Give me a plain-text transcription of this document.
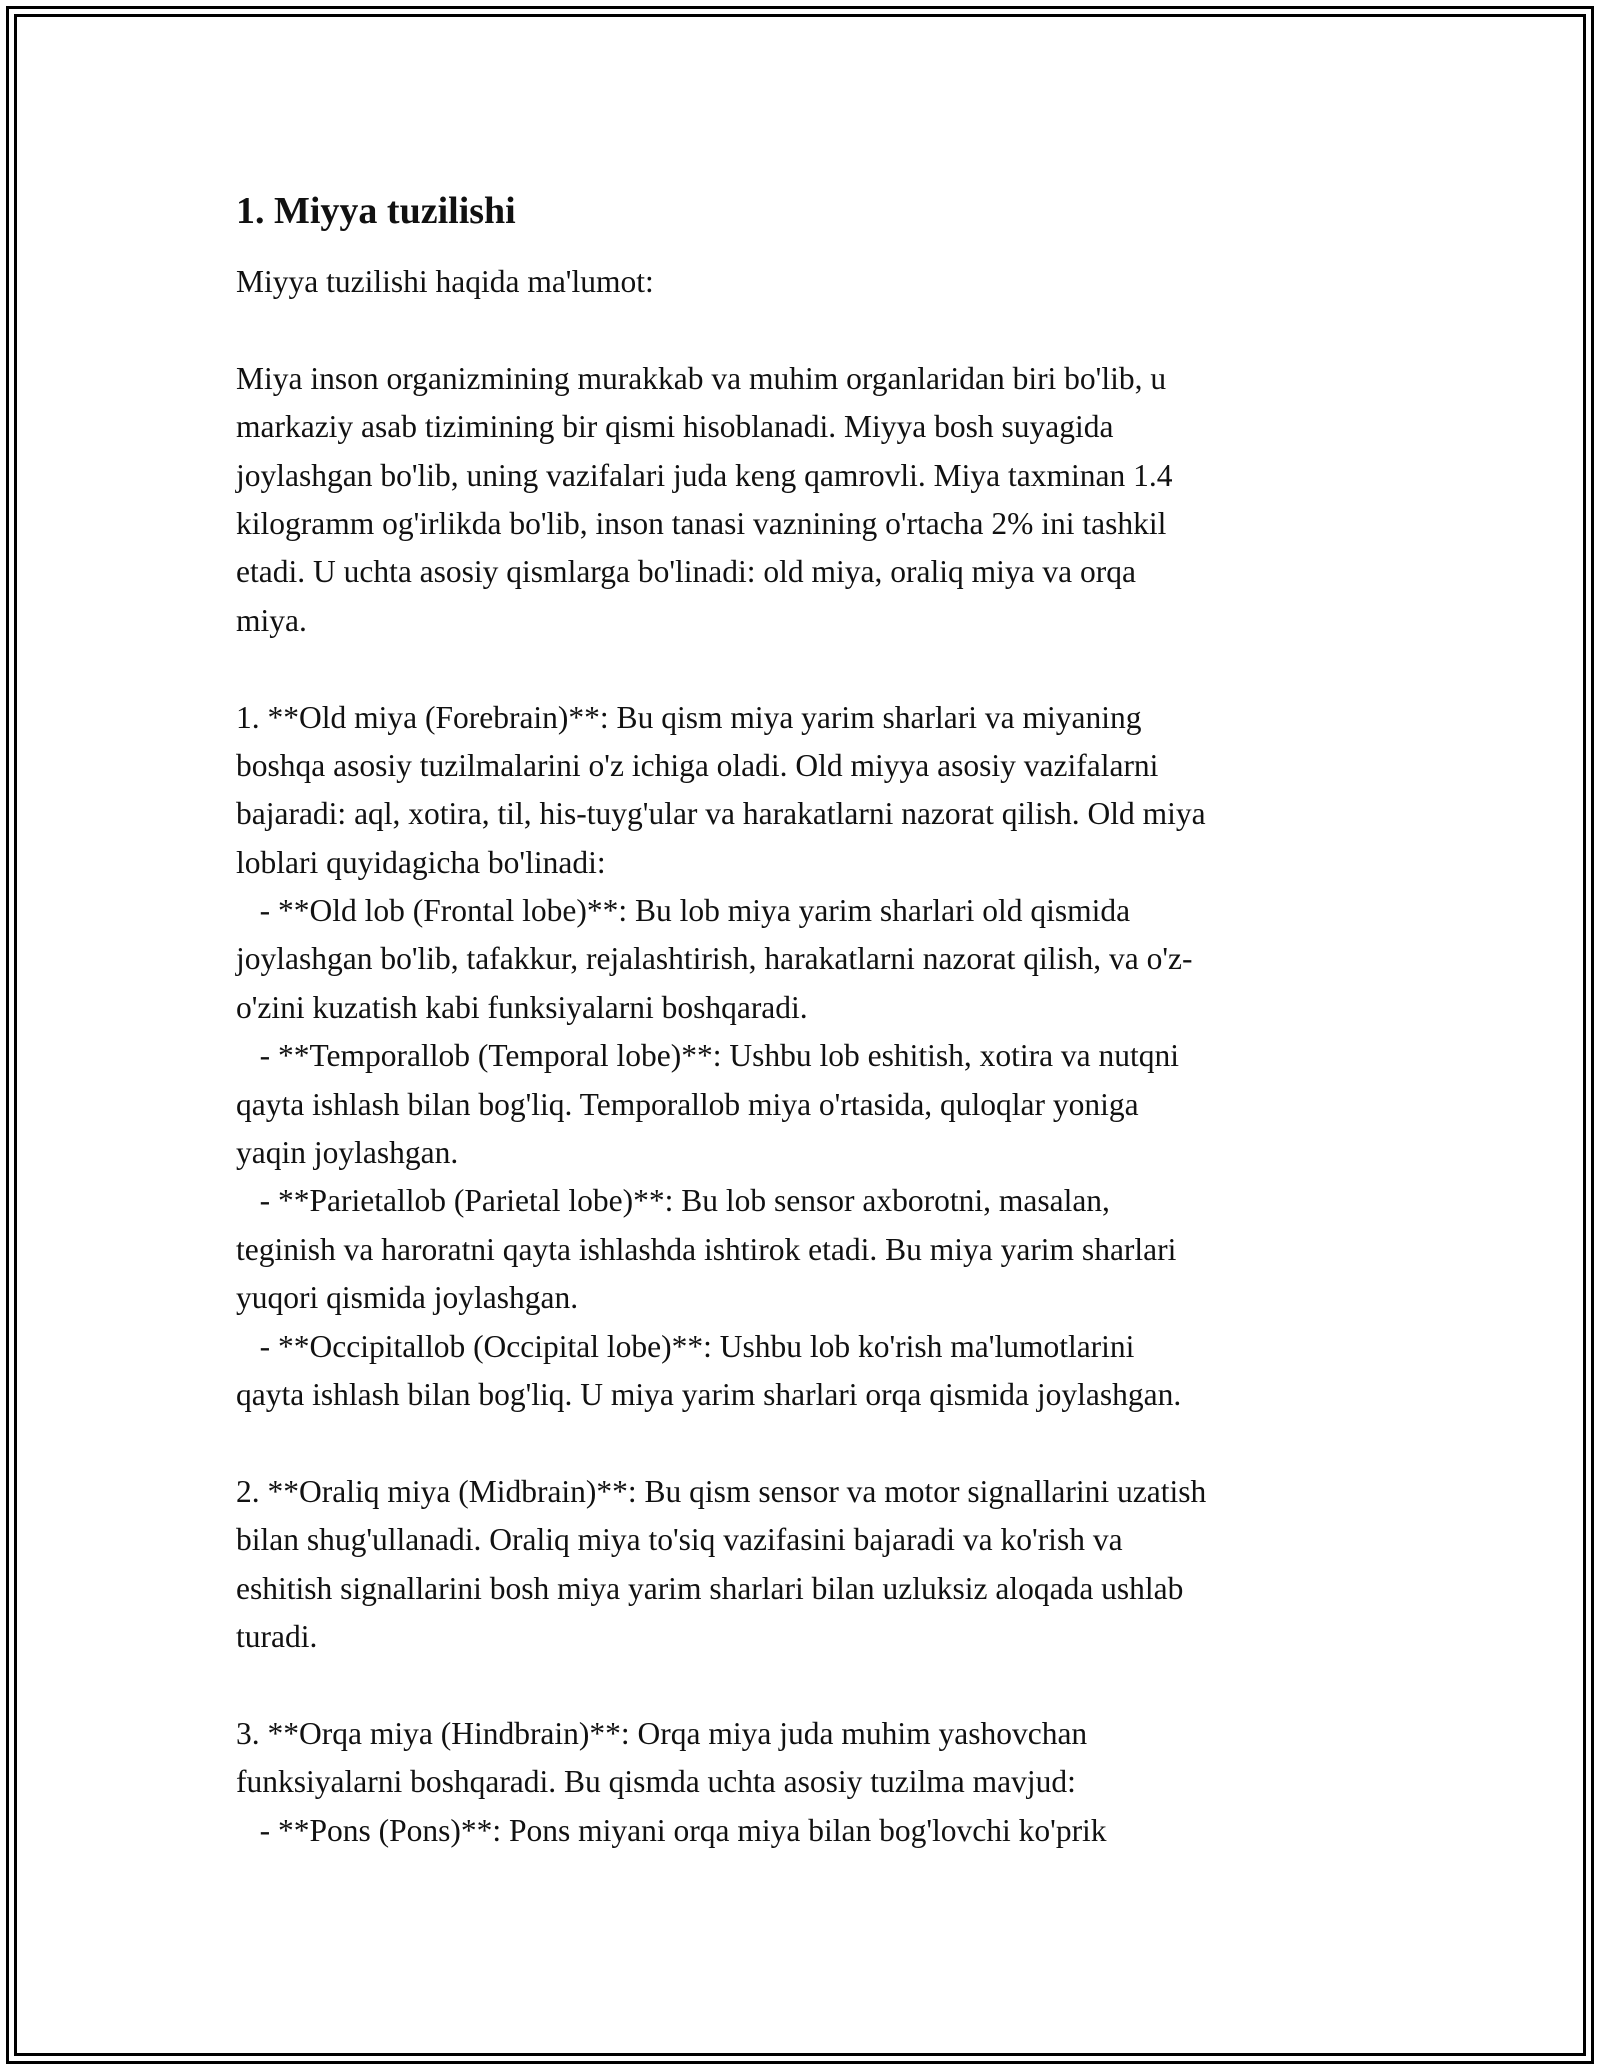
1. Miyya tuzilishi
Miyya tuzilishi haqida ma'lumot:
Miya inson organizmining murakkab va muhim organlaridan biri bo'lib, u
markaziy asab tizimining bir qismi hisoblanadi. Miyya bosh suyagida
joylashgan bo'lib, uning vazifalari juda keng qamrovli. Miya taxminan 1.4
kilogramm og'irlikda bo'lib, inson tanasi vaznining o'rtacha 2% ini tashkil
etadi. U uchta asosiy qismlarga bo'linadi: old miya, oraliq miya va orqa
miya.
1. **Old miya (Forebrain)**: Bu qism miya yarim sharlari va miyaning
boshqa asosiy tuzilmalarini o'z ichiga oladi. Old miyya asosiy vazifalarni
bajaradi: aql, xotira, til, his-tuyg'ular va harakatlarni nazorat qilish. Old miya
loblari quyidagicha bo'linadi:
- **Old lob (Frontal lobe)**: Bu lob miya yarim sharlari old qismida
joylashgan bo'lib, tafakkur, rejalashtirish, harakatlarni nazorat qilish, va o'z-
o'zini kuzatish kabi funksiyalarni boshqaradi.
- **Temporallob (Temporal lobe)**: Ushbu lob eshitish, xotira va nutqni
qayta ishlash bilan bog'liq. Temporallob miya o'rtasida, quloqlar yoniga
yaqin joylashgan.
- **Parietallob (Parietal lobe)**: Bu lob sensor axborotni, masalan,
teginish va haroratni qayta ishlashda ishtirok etadi. Bu miya yarim sharlari
yuqori qismida joylashgan.
- **Occipitallob (Occipital lobe)**: Ushbu lob ko'rish ma'lumotlarini
qayta ishlash bilan bog'liq. U miya yarim sharlari orqa qismida joylashgan.
2. **Oraliq miya (Midbrain)**: Bu qism sensor va motor signallarini uzatish
bilan shug'ullanadi. Oraliq miya to'siq vazifasini bajaradi va ko'rish va
eshitish signallarini bosh miya yarim sharlari bilan uzluksiz aloqada ushlab
turadi.
3. **Orqa miya (Hindbrain)**: Orqa miya juda muhim yashovchan
funksiyalarni boshqaradi. Bu qismda uchta asosiy tuzilma mavjud:
- **Pons (Pons)**: Pons miyani orqa miya bilan bog'lovchi ko'prik
